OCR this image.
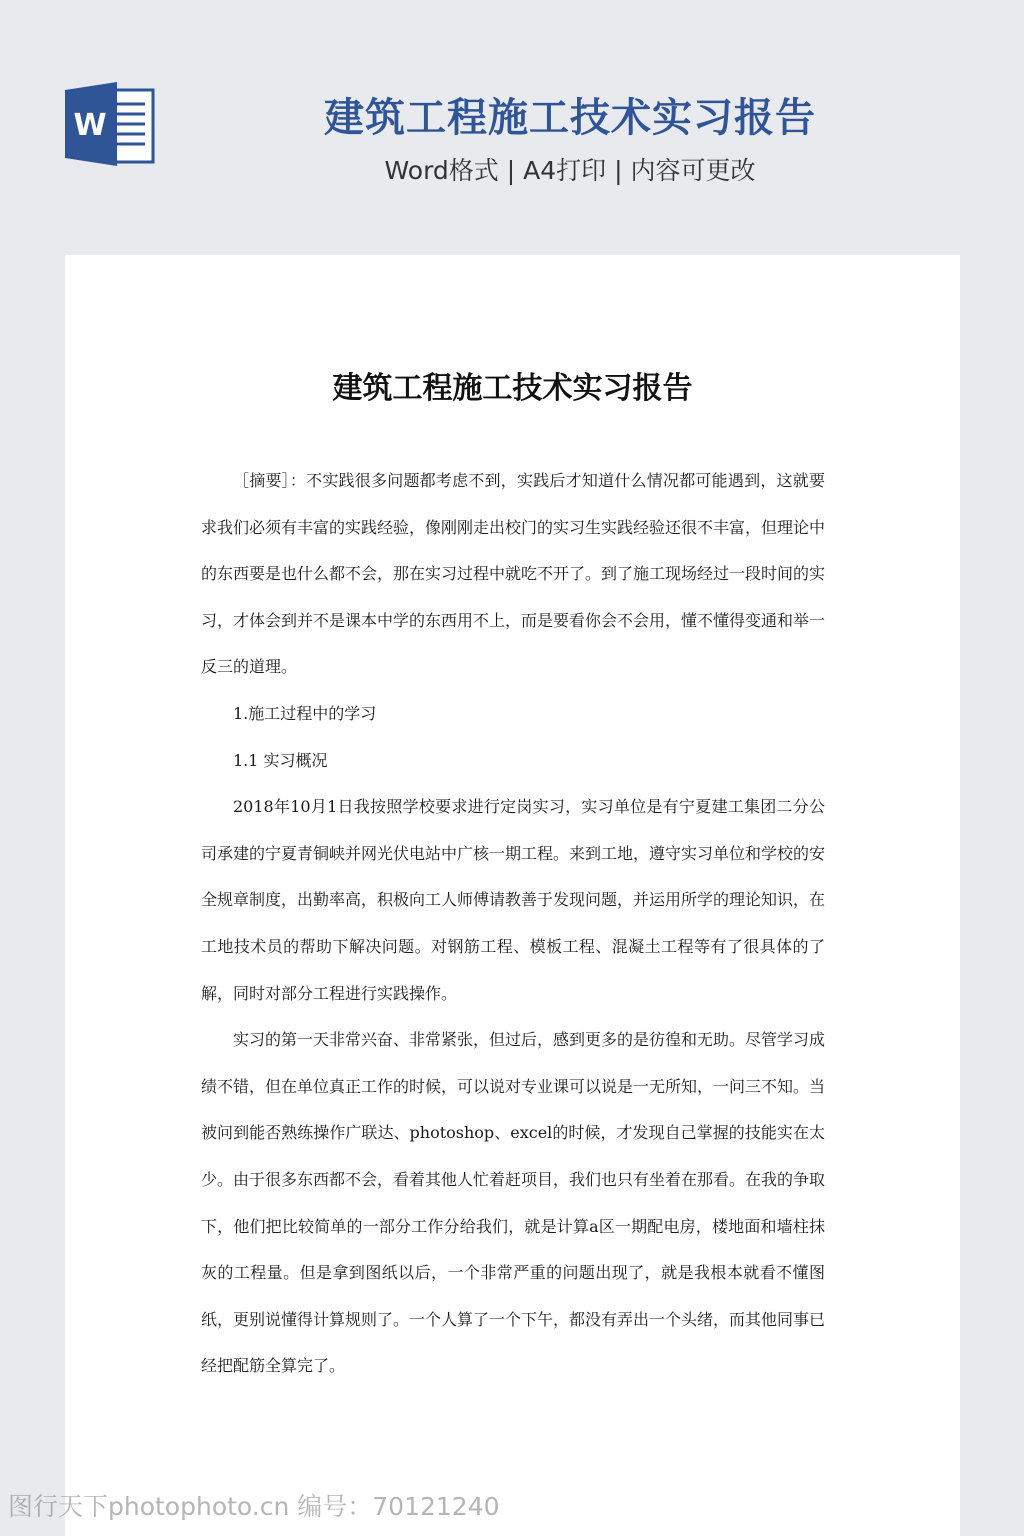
W	建筑工程施工技术实习报告
Word格式 | A4打印 | 内容可更改
建筑工程施工技术实习报告

［摘要］：不实践很多问题都考虑不到，实践后才知道什么情况都可能遇到，这就要求我们必须有丰富的实践经验，像刚刚走出校门的实习生实践经验还很不丰富，但理论中的东西要是也什么都不会，那在实习过程中就吃不开了。到了施工现场经过一段时间的实习，才体会到并不是课本中学的东西用不上，而是要看你会不会用，懂不懂得变通和举一反三的道理。

1.施工过程中的学习

1.1 实习概况

2018年10月1日我按照学校要求进行定岗实习，实习单位是有宁夏建工集团二分公司承建的宁夏青铜峡并网光伏电站中广核一期工程。来到工地，遵守实习单位和学校的安全规章制度，出勤率高，积极向工人师傅请教善于发现问题，并运用所学的理论知识，在工地技术员的帮助下解决问题。对钢筋工程、模板工程、混凝土工程等有了很具体的了解，同时对部分工程进行实践操作。

实习的第一天非常兴奋、非常紧张，但过后，感到更多的是彷徨和无助。尽管学习成绩不错，但在单位真正工作的时候，可以说对专业课可以说是一无所知，一问三不知。当被问到能否熟练操作广联达、photoshop、excel的时候，才发现自己掌握的技能实在太少。由于很多东西都不会，看着其他人忙着赶项目，我们也只有坐着在那看。在我的争取下，他们把比较简单的一部分工作分给我们，就是计算a区一期配电房，楼地面和墙柱抹灰的工程量。但是拿到图纸以后，一个非常严重的问题出现了，就是我根本就看不懂图纸，更别说懂得计算规则了。一个人算了一个下午，都没有弄出一个头绪，而其他同事已经把配筋全算完了。

图行天下photophoto.cn 编号：70121240
